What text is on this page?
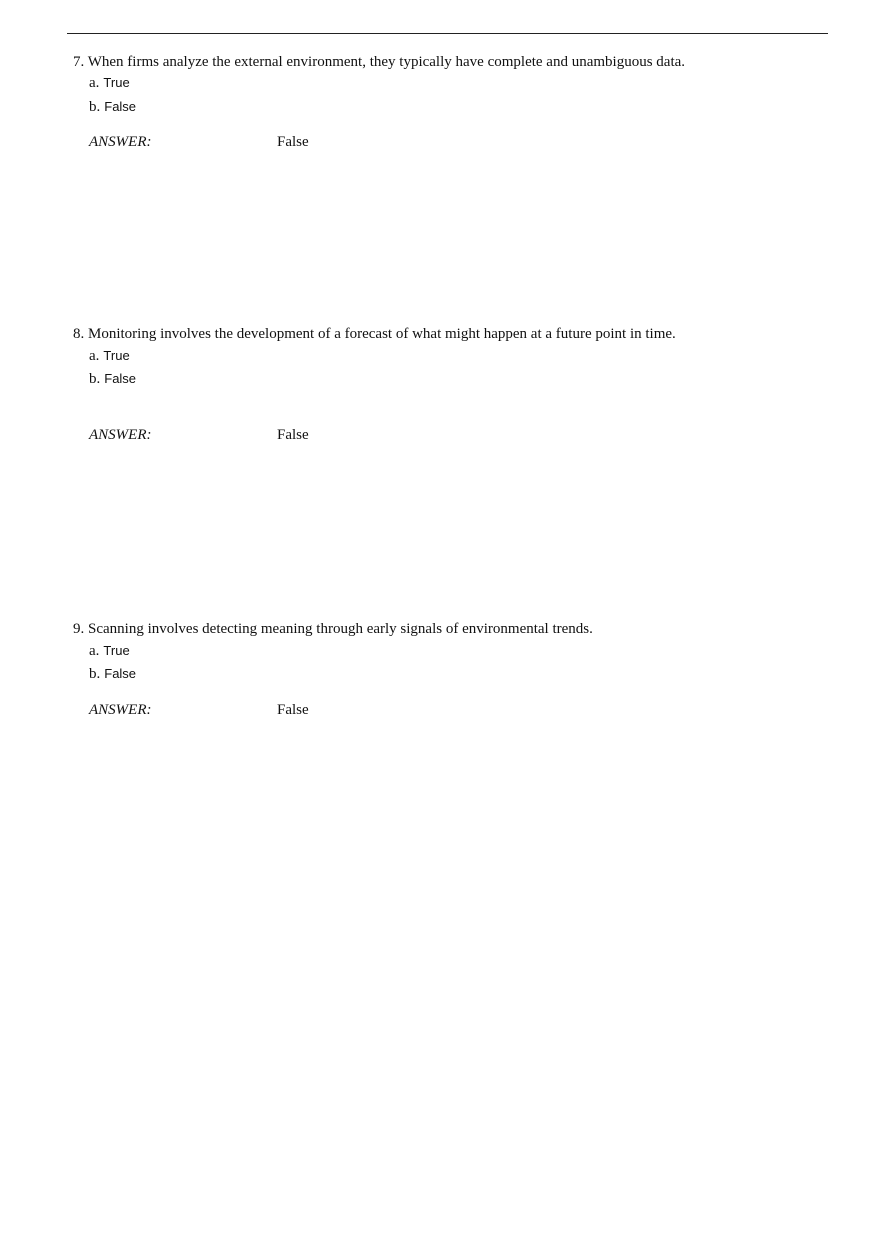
7. When firms analyze the external environment, they typically have complete and unambiguous data.
a. True
b. False
ANSWER:	False
8. Monitoring involves the development of a forecast of what might happen at a future point in time.
a. True
b. False
ANSWER:	False
9. Scanning involves detecting meaning through early signals of environmental trends.
a. True
b. False
ANSWER:	False
